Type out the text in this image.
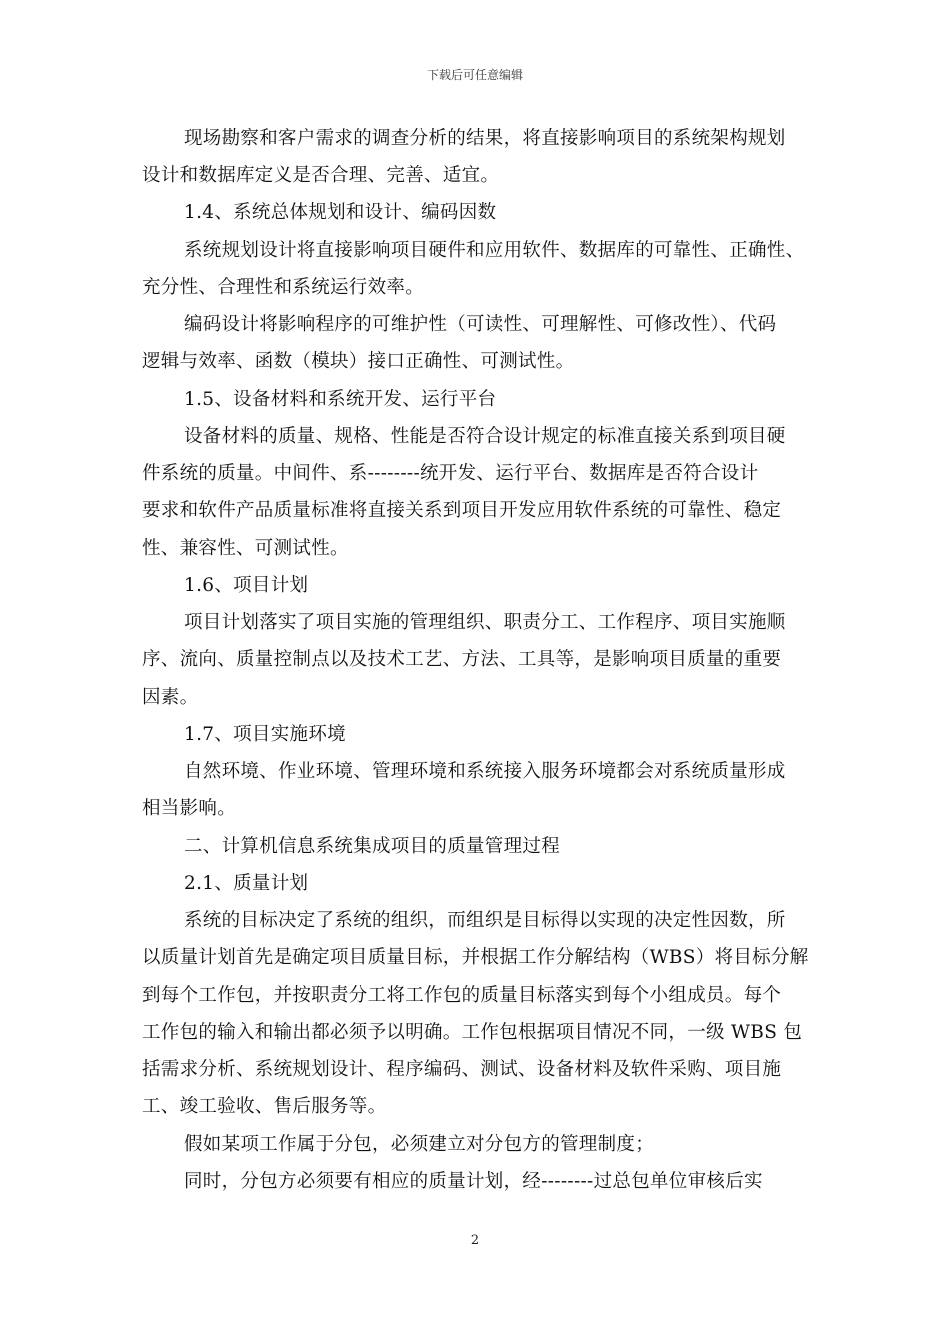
下载后可任意编辑
现场勘察和客户需求的调查分析的结果，将直接影响项目的系统架构规划
设计和数据库定义是否合理、完善、适宜。
1.4、系统总体规划和设计、编码因数
系统规划设计将直接影响项目硬件和应用软件、数据库的可靠性、正确性、
充分性、合理性和系统运行效率。
编码设计将影响程序的可维护性（可读性、可理解性、可修改性）、代码
逻辑与效率、函数（模块）接口正确性、可测试性。
1.5、设备材料和系统开发、运行平台
设备材料的质量、规格、性能是否符合设计规定的标准直接关系到项目硬
件系统的质量。中间件、系--------统开发、运行平台、数据库是否符合设计
要求和软件产品质量标准将直接关系到项目开发应用软件系统的可靠性、稳定
性、兼容性、可测试性。
1.6、项目计划
项目计划落实了项目实施的管理组织、职责分工、工作程序、项目实施顺
序、流向、质量控制点以及技术工艺、方法、工具等，是影响项目质量的重要
因素。
1.7、项目实施环境
自然环境、作业环境、管理环境和系统接入服务环境都会对系统质量形成
相当影响。
二、计算机信息系统集成项目的质量管理过程
2.1、质量计划
系统的目标决定了系统的组织，而组织是目标得以实现的决定性因数，所
以质量计划首先是确定项目质量目标，并根据工作分解结构（WBS）将目标分解
到每个工作包，并按职责分工将工作包的质量目标落实到每个小组成员。每个
工作包的输入和输出都必须予以明确。工作包根据项目情况不同，一级 WBS 包
括需求分析、系统规划设计、程序编码、测试、设备材料及软件采购、项目施
工、竣工验收、售后服务等。
假如某项工作属于分包，必须建立对分包方的管理制度；
同时，分包方必须要有相应的质量计划，经--------过总包单位审核后实
2
